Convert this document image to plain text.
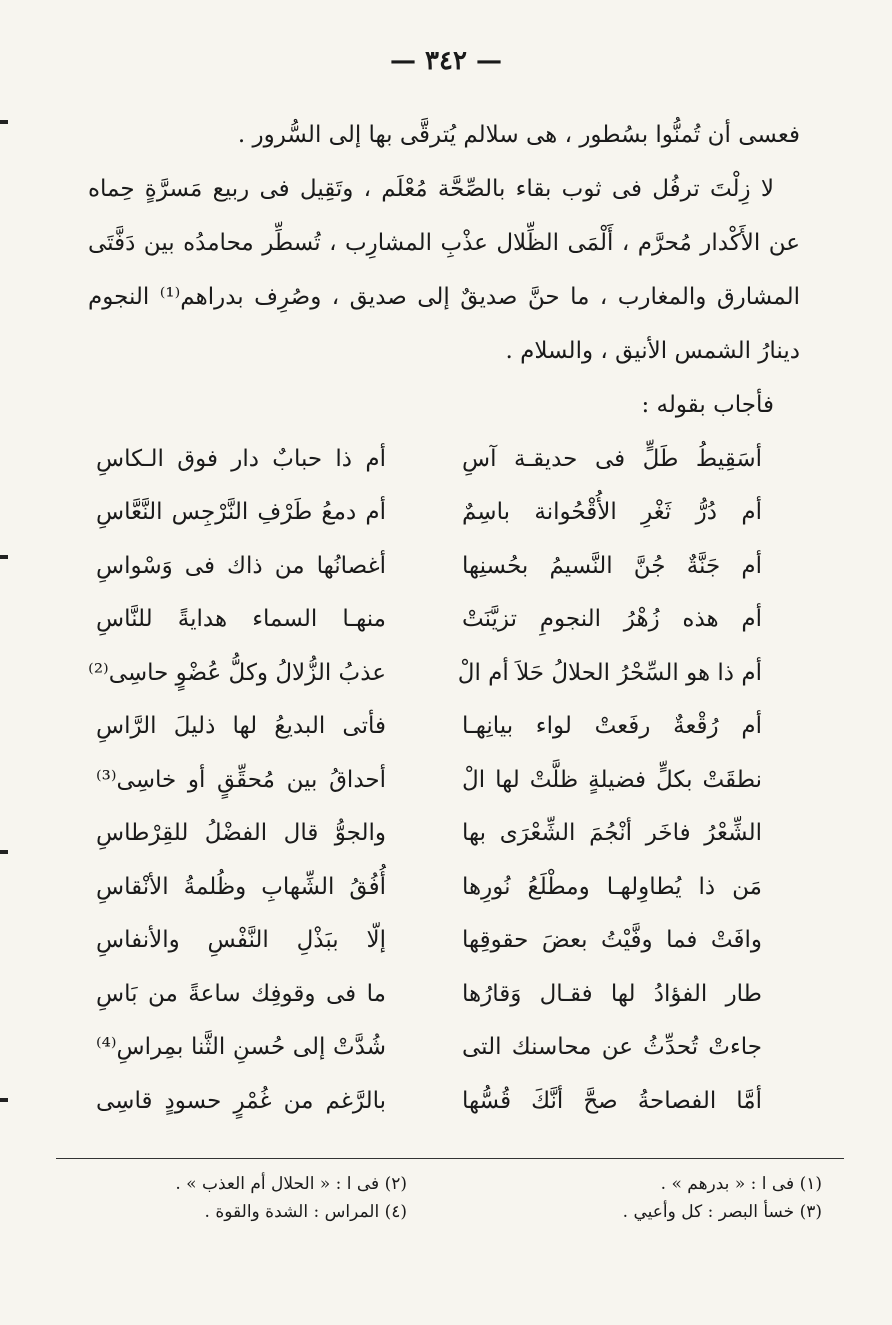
— ٣٤٢ —

فعسى أن تُمنُّوا بسُطور ، هى سلالم يُترقَّى بها إلى السُّرور .

لا زِلْتَ ترفُل فى ثوب بقاء بالصِّحَّة مُعْلَم ، وتَقِيل فى ربيع مَسرَّةٍ حِماه عن الأَكْدار مُحرَّم ، أَلْمَى الظِّلال عذْبِ المشارِب ، تُسطِّر محامدُه بين دَفَّتَى المشارق والمغارب ، ما حنَّ صديقٌ إلى صديق ، وصُرِف بدراهم⁽¹⁾ النجوم دينارُ الشمس الأنيق ، والسلام .

فأجاب بقوله :
أسَقِيطُ طَلٍّ فى حديقـة آسِ
أم ذا حبابٌ دار فوق الـكاسِ
أم دُرُّ ثَغْرِ الأُقْحُوانة باسِمٌ
أم دمعُ طَرْفِ النَّرْجِس النَّعَّاسِ
أم جَنَّةٌ جُنَّ النَّسيمُ بحُسنِها
أغصانُها من ذاك فى وَسْواسِ
أم هذه زُهْرُ النجومِ تزيَّنَتْ
منهـا السماء هدايةً للنَّاسِ
أم ذا هو السِّحْرُ الحلالُ حَلاَ أم الْ
عذبُ الزُّلالُ وكلُّ عُضْوٍ حاسِى⁽²⁾
أم رُقْعةٌ رفَعتْ لواء بيانِهـا
فأتى البديعُ لها ذليلَ الرَّاسِ
نطقَتْ بكلٍّ فضيلةٍ ظلَّتْ لها الْ
أحداقُ بين مُحقِّقٍ أو خاسِى⁽³⁾
الشِّعْرُ فاخَر أنْجُمَ الشِّعْرَى بها
والجوُّ قال الفضْلُ للقِرْطاسِ
مَن ذا يُطاوِلهـا ومطْلَعُ نُورِها
أُفُقُ الشِّهابِ وظُلمةُ الأنْقاسِ
وافَتْ فما وفَّيْتُ بعضَ حقوقِها
إلّا ببَذْلِ النَّفْسِ والأنفاسِ
طار الفؤادُ لها فقـال وَقارُها
ما فى وقوفِك ساعةً من بَاسِ
جاءتْ تُحدِّثُ عن محاسنك التى
شُدَّتْ إلى حُسنِ الثَّنا بمِراسِ⁽⁴⁾
أمَّا الفصاحةُ صحَّ أنَّكَ قُسُّها
بالرَّغم من غُمْرٍ حسودٍ قاسِى
(١) فى ا : « بدرهم » .
(٣) خسأ البصر : كل وأعيي .
(٢) فى ا : « الحلال أم العذب » .
(٤) المراس : الشدة والقوة .
